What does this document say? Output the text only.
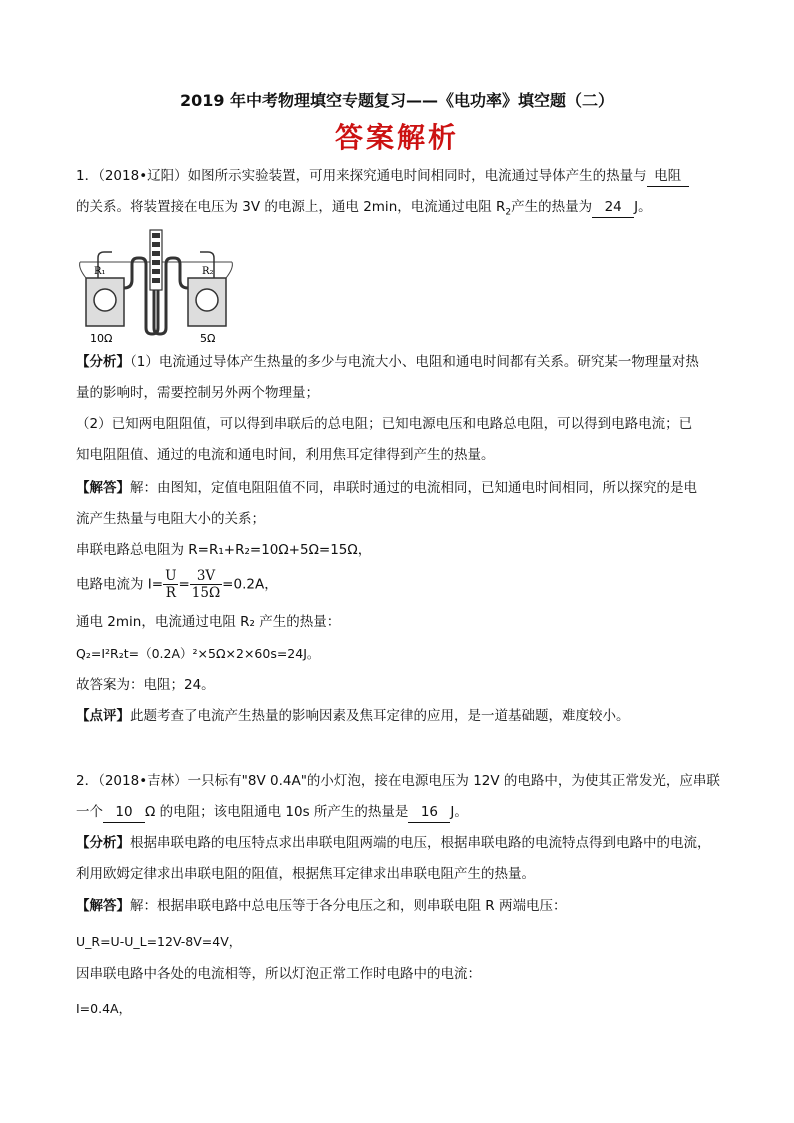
2019 年中考物理填空专题复习——《电功率》填空题（二）
答案解析
1．（2018•辽阳）如图所示实验装置，可用来探究通电时间相同时，电流通过导体产生的热量与 电阻
的关系。将装置接在电压为 3V 的电源上，通电 2min，电流通过电阻 $R_2$产生的热量为 24 J。
R₁	R₂
10Ω	5Ω
【分析】（1）电流通过导体产生热量的多少与电流大小、电阻和通电时间都有关系。研究某一物理量对热
量的影响时，需要控制另外两个物理量；
（2）已知两电阻阻值，可以得到串联后的总电阻；已知电源电压和电路总电阻，可以得到电路电流；已
知电阻阻值、通过的电流和通电时间，利用焦耳定律得到产生的热量。
【解答】解：由图知，定值电阻阻值不同，串联时通过的电流相同，已知通电时间相同，所以探究的是电
流产生热量与电阻大小的关系；
串联电路总电阻为 R=R₁+R₂=10Ω+5Ω=15Ω，
电路电流为 $I= \frac{U}{R} = \frac{3V}{15\Omega} =0.2A$，
通电 2min，电流通过电阻 R₂ 产生的热量：
Q₂=I²R₂t=（0.2A）²×5Ω×2×60s=24J。
故答案为：电阻；24。
【点评】此题考查了电流产生热量的影响因素及焦耳定律的应用，是一道基础题，难度较小。
2．（2018•吉林）一只标有"8V 0.4A"的小灯泡，接在电源电压为 12V 的电路中，为使其正常发光，应串联
一个 10 Ω 的电阻；该电阻通电 10s 所产生的热量是 16 J。
【分析】根据串联电路的电压特点求出串联电阻两端的电压，根据串联电路的电流特点得到电路中的电流，
利用欧姆定律求出串联电阻的阻值，根据焦耳定律求出串联电阻产生的热量。
【解答】解：根据串联电路中总电压等于各分电压之和，则串联电阻 R 两端电压：
U_R=U-U_L=12V-8V=4V，
因串联电路中各处的电流相等，所以灯泡正常工作时电路中的电流：
I=0.4A，
